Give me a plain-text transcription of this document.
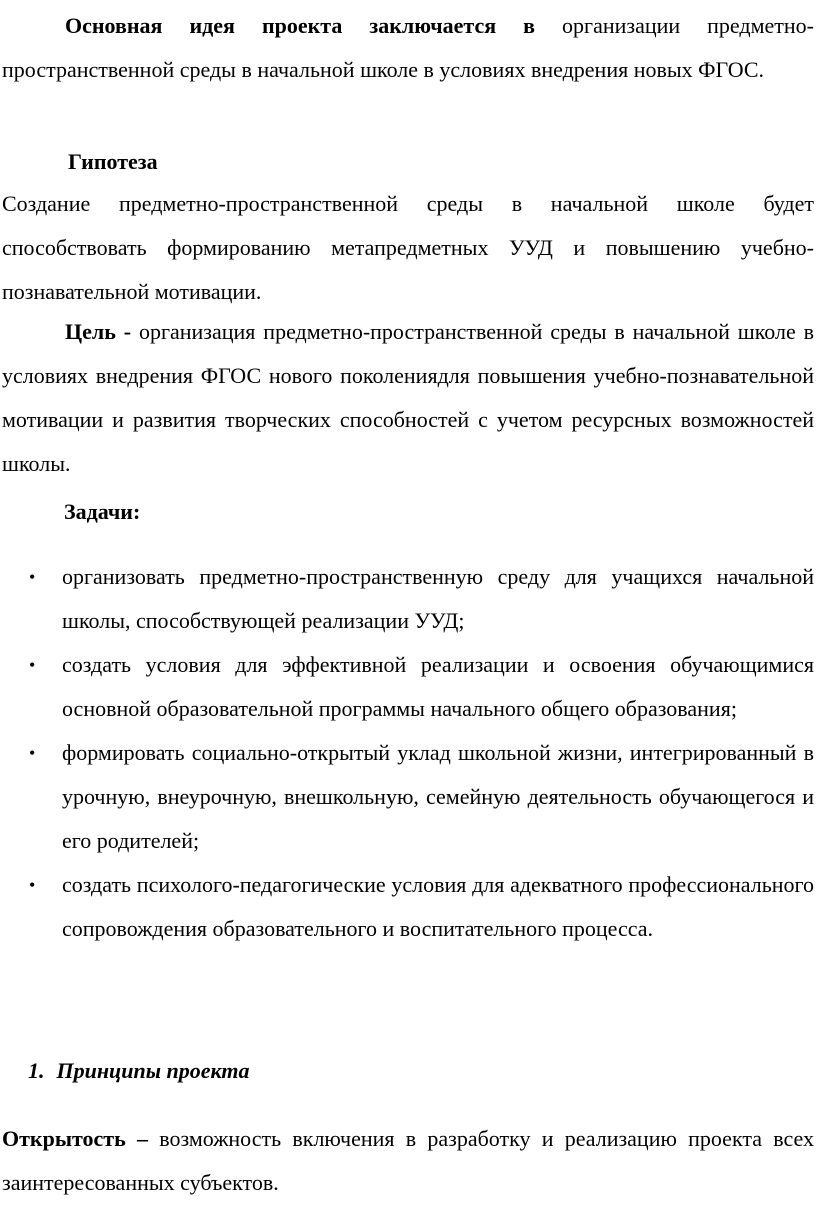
Основная идея проекта заключается в организации предметно-пространственной среды в начальной школе в условиях внедрения новых ФГОС.

Гипотеза

Создание предметно-пространственной среды в начальной школе будет способствовать формированию метапредметных УУД и повышению учебно-познавательной мотивации.

Цель - организация предметно-пространственной среды в начальной школе в условиях внедрения ФГОС нового поколениядля повышения учебно-познавательной мотивации и развития творческих способностей с учетом ресурсных возможностей школы.

Задачи:

• организовать предметно-пространственную среду для учащихся начальной школы, способствующей реализации УУД;
• создать условия для эффективной реализации и освоения обучающимися основной образовательной программы начального общего образования;
• формировать социально-открытый уклад школьной жизни, интегрированный в урочную, внеурочную, внешкольную, семейную деятельность обучающегося и его родителей;
• создать психолого-педагогические условия для адекватного профессионального сопровождения образовательного и воспитательного процесса.

1. Принципы проекта

Открытость – возможность включения в разработку и реализацию проекта всех заинтересованных субъектов.
